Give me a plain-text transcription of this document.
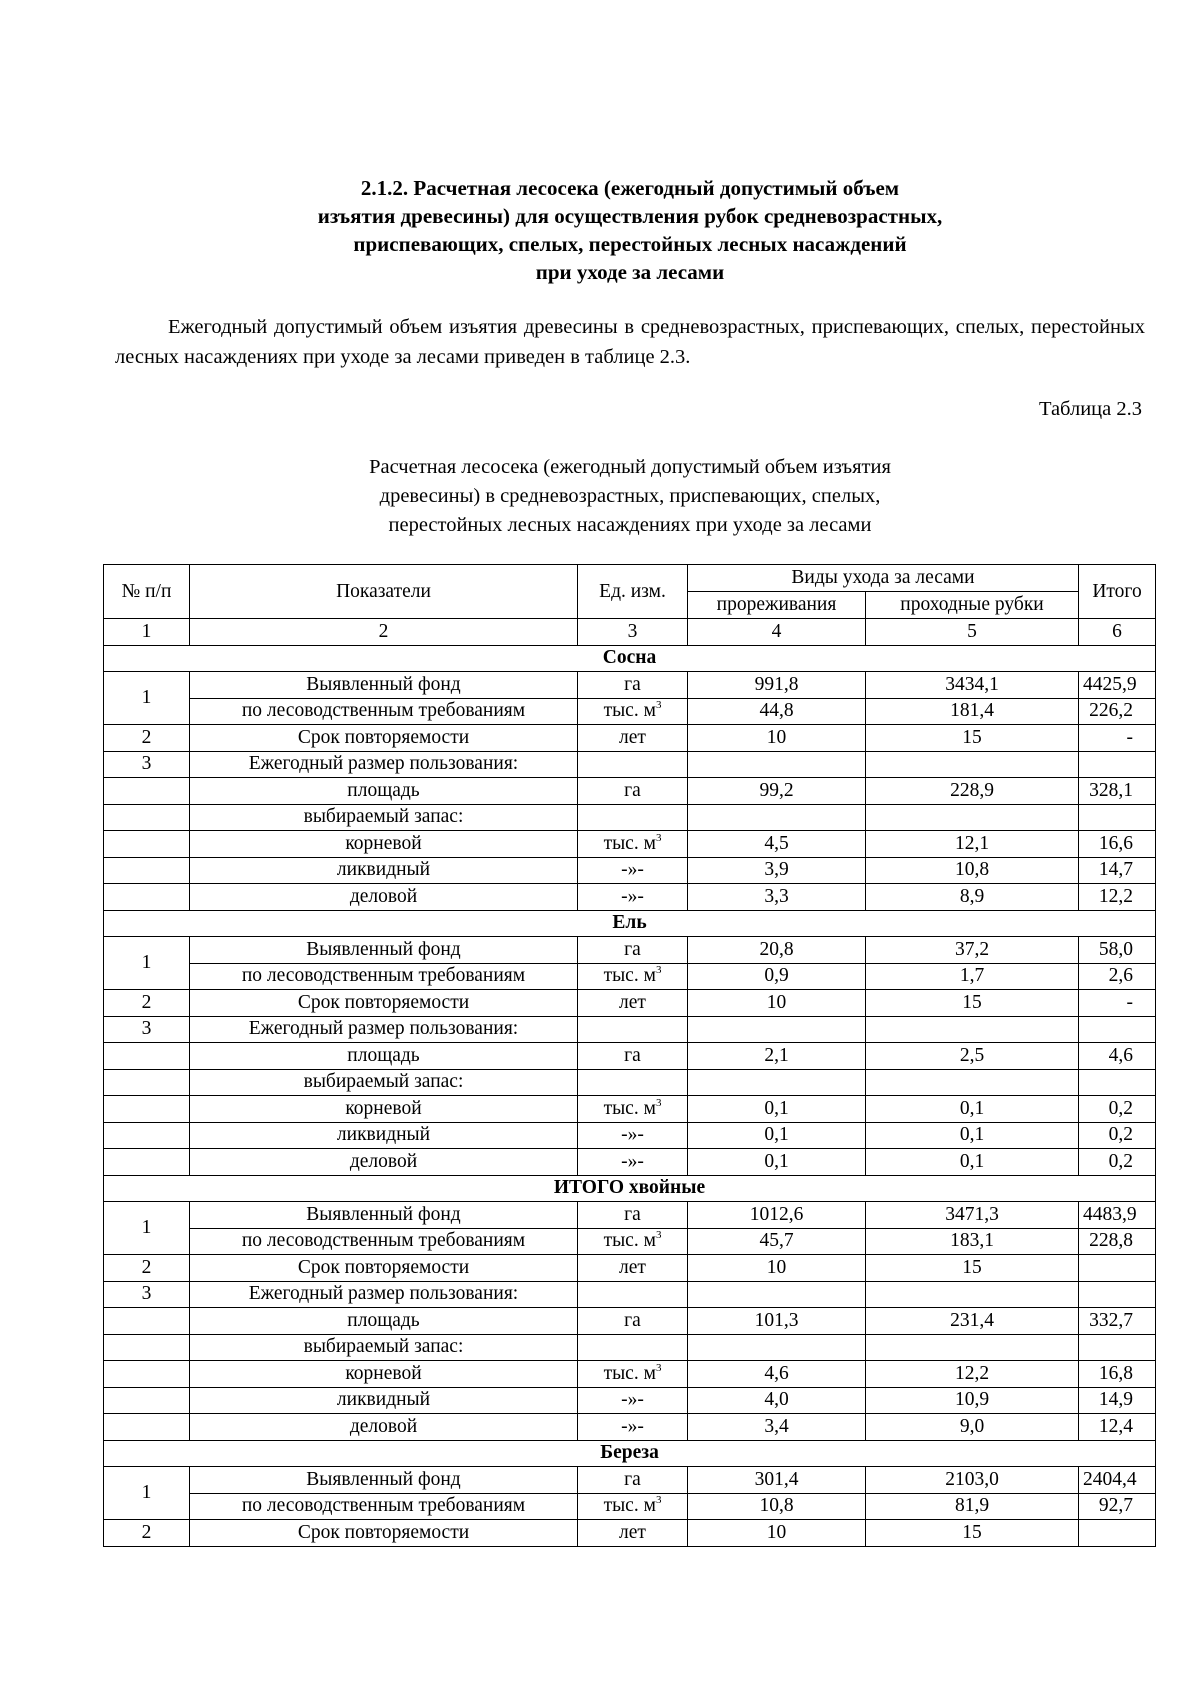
2.1.2. Расчетная лесосека (ежегодный допустимый объем
изъятия древесины) для осуществления рубок средневозрастных,
приспевающих, спелых, перестойных лесных насаждений
при уходе за лесами
Ежегодный допустимый объем изъятия древесины в средневозрастных, приспевающих, спелых, перестойных лесных насаждениях при уходе за лесами приведен в таблице 2.3.
Таблица 2.3
Расчетная лесосека (ежегодный допустимый объем изъятия
древесины) в средневозрастных, приспевающих, спелых,
перестойных лесных насаждениях при уходе за лесами
№ п/п	Показатели	Ед. изм.	Виды ухода за лесами		Итого
			прореживания	проходные рубки	
1	2	3	4	5	6
Сосна					
1	Выявленный фонд	га	991,8	3434,1	4425,9
	по лесоводственным требованиям	тыс. $м^3$	44,8	181,4	226,2
2	Срок повторяемости	лет	10	15	-
3	Ежегодный размер пользования:				
	площадь	га	99,2	228,9	328,1
	выбираемый запас:				
	корневой	тыс. $м^3$	4,5	12,1	16,6
	ликвидный	-»-	3,9	10,8	14,7
	деловой	-»-	3,3	8,9	12,2
Ель					
1	Выявленный фонд	га	20,8	37,2	58,0
	по лесоводственным требованиям	тыс. $м^3$	0,9	1,7	2,6
2	Срок повторяемости	лет	10	15	-
3	Ежегодный размер пользования:				
	площадь	га	2,1	2,5	4,6
	выбираемый запас:				
	корневой	тыс. $м^3$	0,1	0,1	0,2
	ликвидный	-»-	0,1	0,1	0,2
	деловой	-»-	0,1	0,1	0,2
ИТОГО хвойные					
1	Выявленный фонд	га	1012,6	3471,3	4483,9
	по лесоводственным требованиям	тыс. $м^3$	45,7	183,1	228,8
2	Срок повторяемости	лет	10	15	
3	Ежегодный размер пользования:				
	площадь	га	101,3	231,4	332,7
	выбираемый запас:				
	корневой	тыс. $м^3$	4,6	12,2	16,8
	ликвидный	-»-	4,0	10,9	14,9
	деловой	-»-	3,4	9,0	12,4
Береза					
1	Выявленный фонд	га	301,4	2103,0	2404,4
	по лесоводственным требованиям	тыс. $м^3$	10,8	81,9	92,7
2	Срок повторяемости	лет	10	15	
